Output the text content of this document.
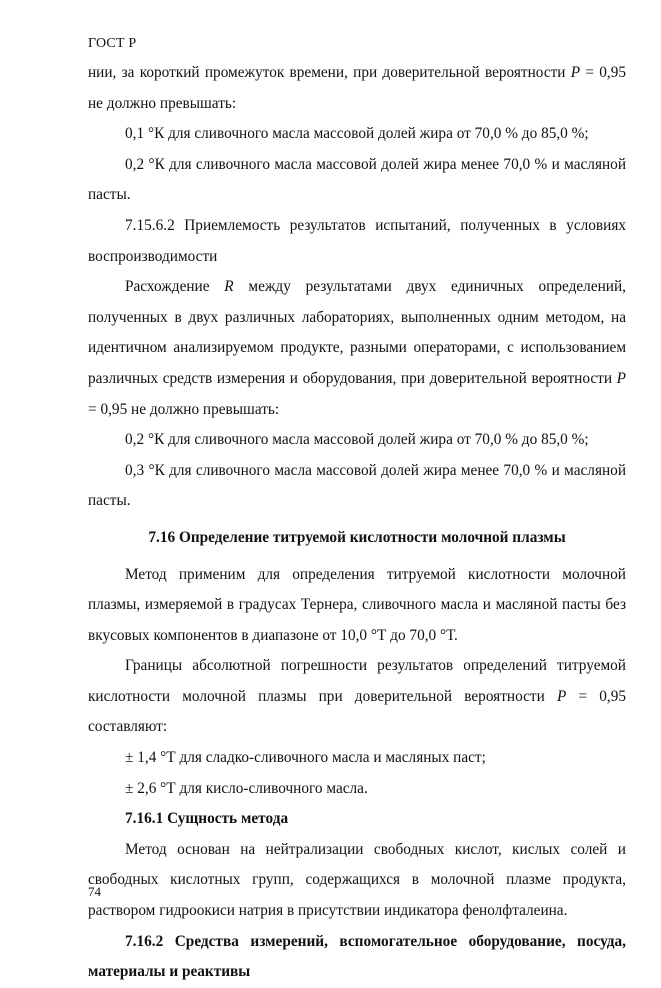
ГОСТ Р

нии, за короткий промежуток времени, при доверительной вероятности P = 0,95 не должно превышать:

0,1 °К для сливочного масла массовой долей жира от 70,0 % до 85,0 %;

0,2 °К для сливочного масла массовой долей жира менее 70,0 % и масляной пасты.

7.15.6.2 Приемлемость результатов испытаний, полученных в условиях воспроизводимости

Расхождение R между результатами двух единичных определений, полученных в двух различных лабораториях, выполненных одним методом, на идентичном анализируемом продукте, разными операторами, с использованием различных средств измерения и оборудования, при доверительной вероятности P = 0,95 не должно превышать:

0,2 °К для сливочного масла массовой долей жира от 70,0 % до 85,0 %;

0,3 °К для сливочного масла массовой долей жира менее 70,0 % и масляной пасты.

7.16 Определение титруемой кислотности молочной плазмы

Метод применим для определения титруемой кислотности молочной плазмы, измеряемой в градусах Тернера, сливочного масла и масляной пасты без вкусовых компонентов в диапазоне от 10,0 °Т до 70,0 °Т.

Границы абсолютной погрешности результатов определений титруемой кислотности молочной плазмы при доверительной вероятности P = 0,95 составляют:

± 1,4 °Т для сладко-сливочного масла и масляных паст;

± 2,6 °Т для кисло-сливочного масла.

7.16.1 Сущность метода

Метод основан на нейтрализации свободных кислот, кислых солей и свободных кислотных групп, содержащихся в молочной плазме продукта, раствором гидроокиси натрия в присутствии индикатора фенолфталеина.

7.16.2 Средства измерений, вспомогательное оборудование, посуда, материалы и реактивы

74
